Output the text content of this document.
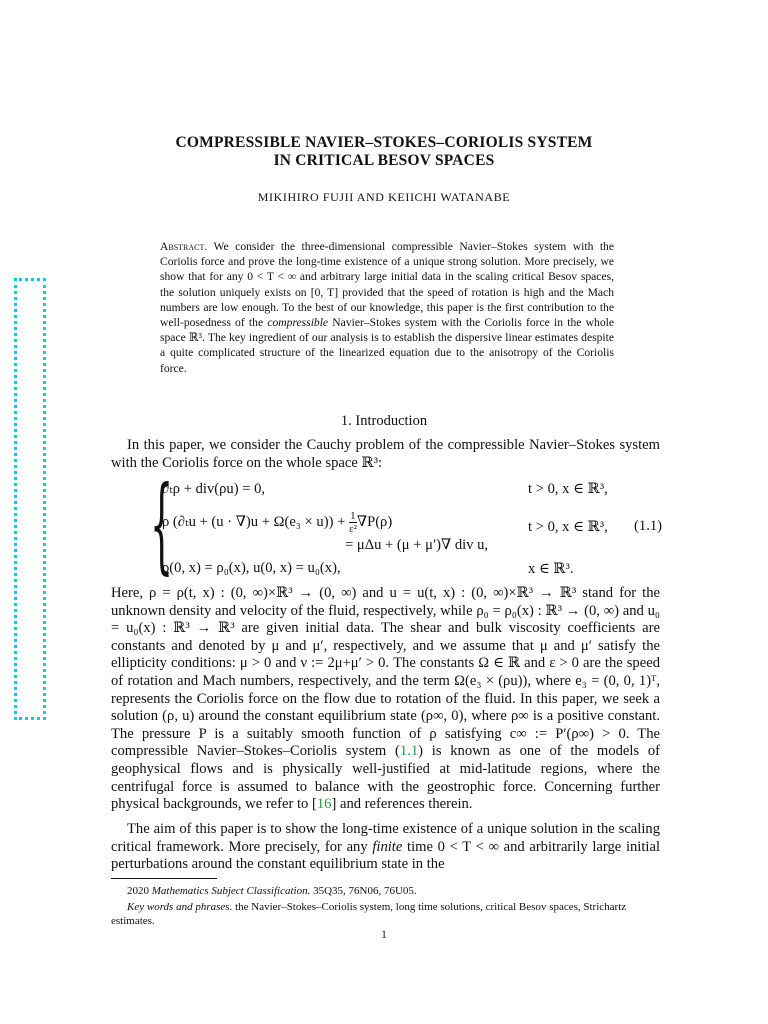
COMPRESSIBLE NAVIER–STOKES–CORIOLIS SYSTEM
IN CRITICAL BESOV SPACES
MIKIHIRO FUJII AND KEIICHI WATANABE
Abstract. We consider the three-dimensional compressible Navier–Stokes system with the Coriolis force and prove the long-time existence of a unique strong solution. More precisely, we show that for any 0 < T < ∞ and arbitrary large initial data in the scaling critical Besov spaces, the solution uniquely exists on [0, T] provided that the speed of rotation is high and the Mach numbers are low enough. To the best of our knowledge, this paper is the first contribution to the well-posedness of the compressible Navier–Stokes system with the Coriolis force in the whole space ℝ³. The key ingredient of our analysis is to establish the dispersive linear estimates despite a quite complicated structure of the linearized equation due to the anisotropy of the Coriolis force.
1. Introduction
In this paper, we consider the Cauchy problem of the compressible Navier–Stokes system with the Coriolis force on the whole space ℝ³:
{
∂ₜρ + div(ρu) = 0,
ρ $(\partial_tu + (u \cdot \nabla)u + \Omega(e_3 \times u)) + \frac{1}{\text{ε²}} \nabla P(\rho)$
= μΔu + (μ + μ′)∇ div u,
ρ(0, x) = ρ₀(x), u(0, x) = u₀(x),
t > 0, x ∈ ℝ³,
t > 0, x ∈ ℝ³,
x ∈ ℝ³.
(1.1)
Here, ρ = ρ(t, x) : (0, ∞)×ℝ³ → (0, ∞) and u = u(t, x) : (0, ∞)×ℝ³ → ℝ³ stand for the unknown density and velocity of the fluid, respectively, while ρ₀ = ρ₀(x) : ℝ³ → (0, ∞) and u₀ = u₀(x) : ℝ³ → ℝ³ are given initial data. The shear and bulk viscosity coefficients are constants and denoted by μ and μ′, respectively, and we assume that μ and μ′ satisfy the ellipticity conditions: μ > 0 and ν := 2μ+μ′ > 0. The constants Ω ∈ ℝ and ε > 0 are the speed of rotation and Mach numbers, respectively, and the term Ω(e₃ × (ρu)), where e₃ = (0, 0, 1)ᵀ, represents the Coriolis force on the flow due to rotation of the fluid. In this paper, we seek a solution (ρ, u) around the constant equilibrium state (ρ∞, 0), where ρ∞ is a positive constant. The pressure P is a suitably smooth function of ρ satisfying c∞ := P′(ρ∞) > 0. The compressible Navier–Stokes–Coriolis system (1.1) is known as one of the models of geophysical flows and is physically well-justified at mid-latitude regions, where the centrifugal force is assumed to balance with the geostrophic force. Concerning further physical backgrounds, we refer to [16] and references therein.
The aim of this paper is to show the long-time existence of a unique solution in the scaling critical framework. More precisely, for any finite time 0 < T < ∞ and arbitrarily large initial perturbations around the constant equilibrium state in the
2020 Mathematics Subject Classification. 35Q35, 76N06, 76U05.
Key words and phrases. the Navier–Stokes–Coriolis system, long time solutions, critical Besov spaces, Strichartz estimates.
1
